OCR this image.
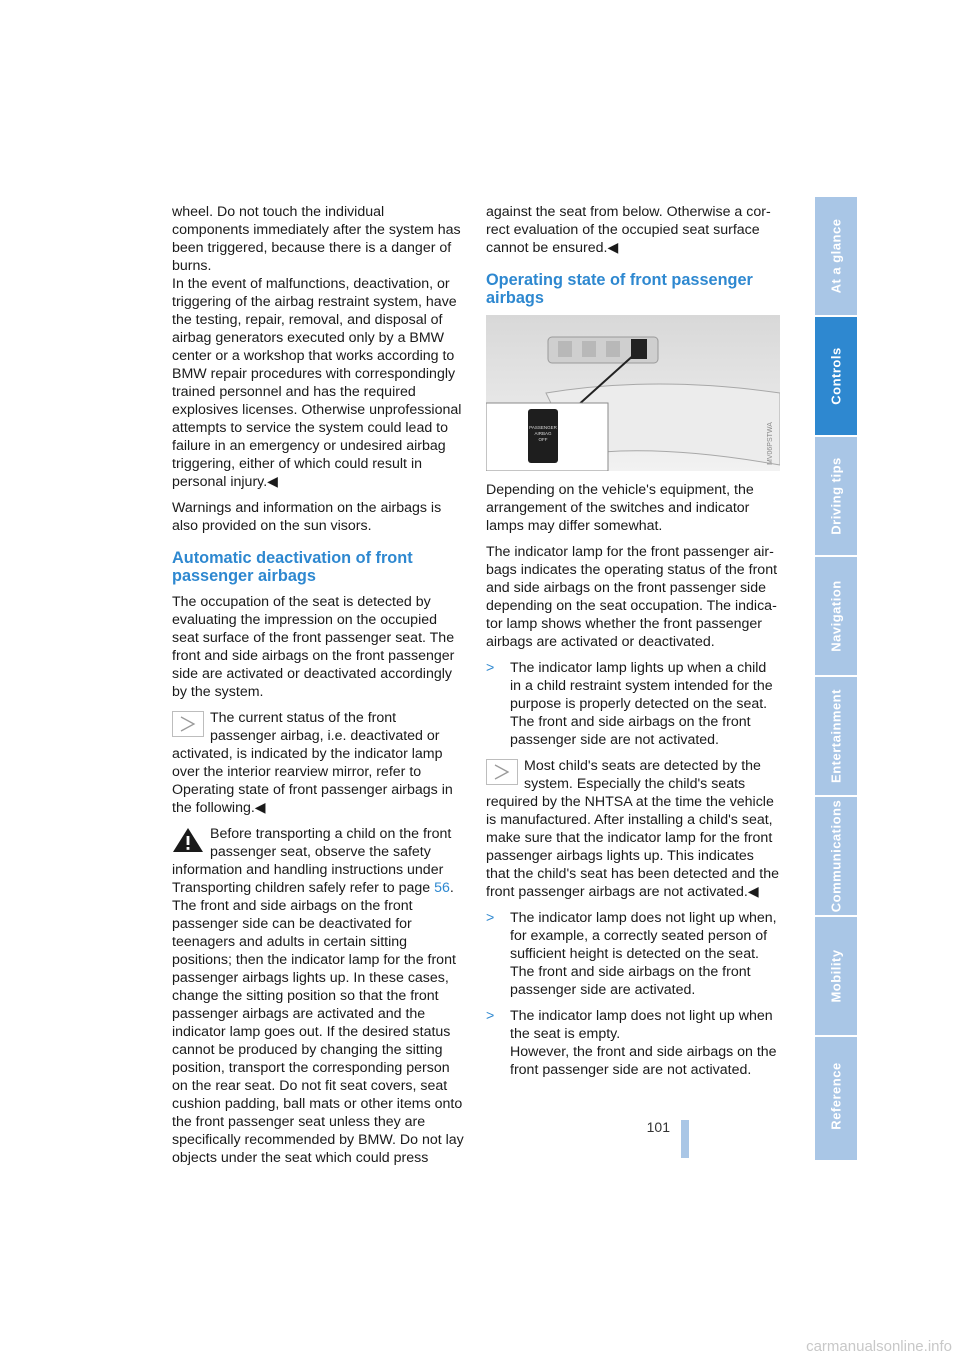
wheel. Do not touch the individual components immediately after the system has been triggered, because there is a danger of burns.

In the event of malfunctions, deactivation, or triggering of the airbag restraint system, have the testing, repair, removal, and disposal of airbag generators executed only by a BMW center or a workshop that works according to BMW repair procedures with correspondingly trained personnel and has the required explosives licenses. Otherwise unprofessional attempts to service the system could lead to failure in an emergency or undesired airbag triggering, either of which could result in personal injury.◀

Warnings and information on the airbags is also provided on the sun visors.

Automatic deactivation of front passenger airbags

The occupation of the seat is detected by evaluating the impression on the occupied seat surface of the front passenger seat. The front and side airbags on the front passenger side are activated or deactivated accordingly by the system.

The current status of the front passenger airbag, i.e. deactivated or activated, is indicated by the indicator lamp over the interior rearview mirror, refer to Operating state of front passenger airbags in the following.◀
Before transporting a child on the front passenger seat, observe the safety information and handling instructions under Transporting children safely refer to page 56.
The front and side airbags on the front passenger side can be deactivated for teenagers and adults in certain sitting positions; then the indicator lamp for the front passenger airbags lights up. In these cases, change the sitting position so that the front passenger airbags are activated and the indicator lamp goes out. If the desired status cannot be produced by changing the sitting position, transport the corresponding person on the rear seat. Do not fit seat covers, seat cushion padding, ball mats or other items onto the front passenger seat unless they are specifically recommended by BMW. Do not lay objects under the seat which could press

against the seat from below. Otherwise a correct evaluation of the occupied seat surface cannot be ensured.◀

Operating state of front passenger airbags
PASSENGER
AIRBAG
OFF	MV06PSTWA

Depending on the vehicle's equipment, the arrangement of the switches and indicator lamps may differ somewhat.

The indicator lamp for the front passenger airbags indicates the operating status of the front and side airbags on the front passenger side depending on the seat occupation. The indicator lamp shows whether the front passenger airbags are activated or deactivated.

> The indicator lamp lights up when a child in a child restraint system intended for the purpose is properly detected on the seat. The front and side airbags on the front passenger side are not activated.
Most child's seats are detected by the system. Especially the child's seats required by the NHTSA at the time the vehicle is manufactured. After installing a child's seat, make sure that the indicator lamp for the front passenger airbags lights up. This indicates that the child's seat has been detected and the front passenger airbags are not activated.◀
> The indicator lamp does not light up when, for example, a correctly seated person of sufficient height is detected on the seat. The front and side airbags on the front passenger side are activated.
> The indicator lamp does not light up when the seat is empty.
However, the front and side airbags on the front passenger side are not activated.
101
At a glance
Controls
Driving tips
Navigation
Entertainment
Communications
Mobility
Reference
carmanualsonline.info
